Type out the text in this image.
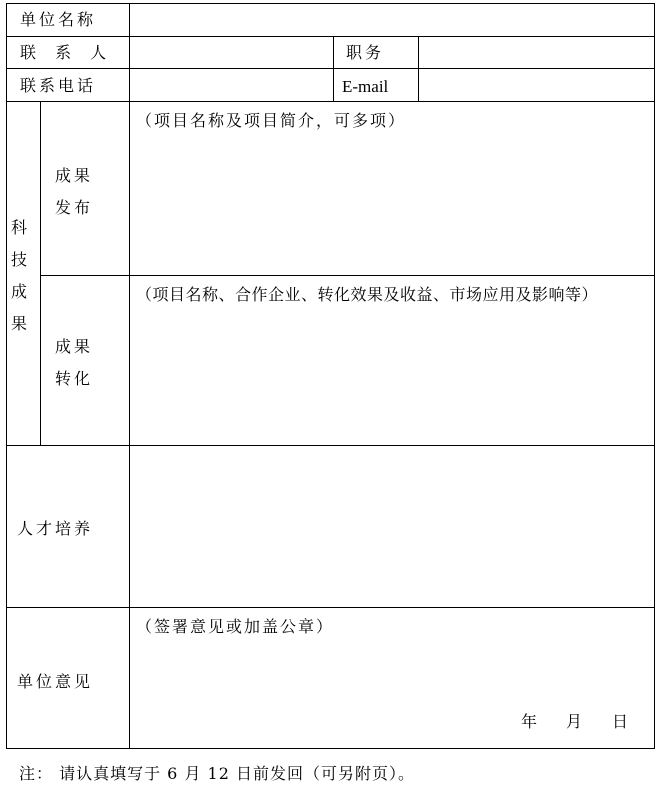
单位名称
联 系 人	职务
联系电话	E-mail
科
技
成
果
成果
发布
（项目名称及项目简介，可多项）
成果
转化
（项目名称、合作企业、转化效果及收益、市场应用及影响等）
人才培养
单位意见
（签署意见或加盖公章）
年 月 日
注： 请认真填写于 6 月 12 日前发回（可另附页）。
